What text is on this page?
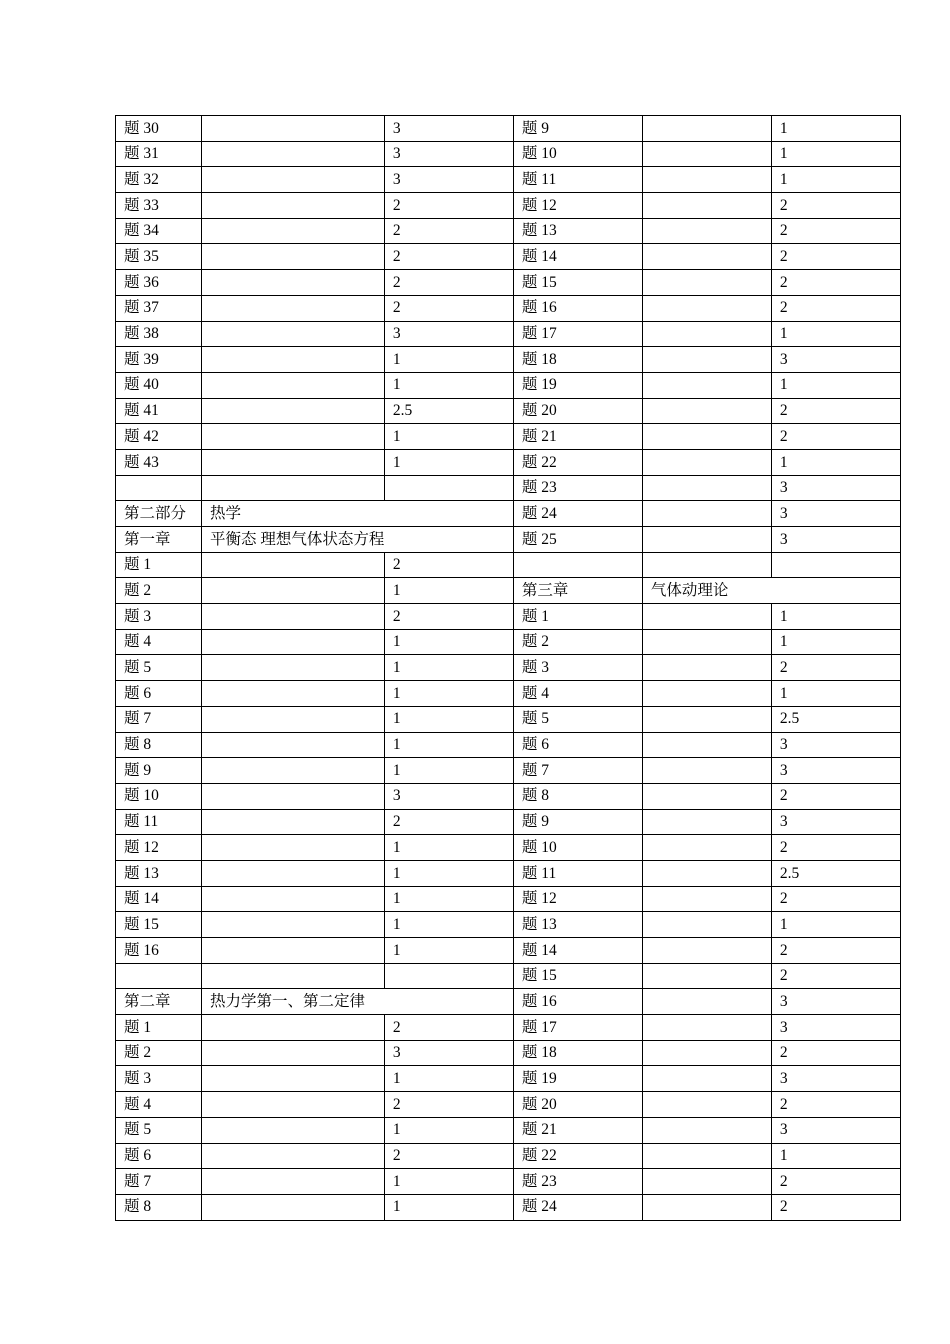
题 30		3	题 9		1
题 31		3	题 10		1
题 32		3	题 11		1
题 33		2	题 12		2
题 34		2	题 13		2
题 35		2	题 14		2
题 36		2	题 15		2
题 37		2	题 16		2
题 38		3	题 17		1
题 39		1	题 18		3
题 40		1	题 19		1
题 41		2.5	题 20		2
题 42		1	题 21		2
题 43		1	题 22		1
			题 23		3
第二部分	热学		题 24		3
第一章	平衡态 理想气体状态方程		题 25		3
题 1		2			
题 2		1	第三章	气体动理论	
题 3		2	题 1		1
题 4		1	题 2		1
题 5		1	题 3		2
题 6		1	题 4		1
题 7		1	题 5		2.5
题 8		1	题 6		3
题 9		1	题 7		3
题 10		3	题 8		2
题 11		2	题 9		3
题 12		1	题 10		2
题 13		1	题 11		2.5
题 14		1	题 12		2
题 15		1	题 13		1
题 16		1	题 14		2
			题 15		2
第二章	热力学第一、第二定律		题 16		3
题 1		2	题 17		3
题 2		3	题 18		2
题 3		1	题 19		3
题 4		2	题 20		2
题 5		1	题 21		3
题 6		2	题 22		1
题 7		1	题 23		2
题 8		1	题 24		2
